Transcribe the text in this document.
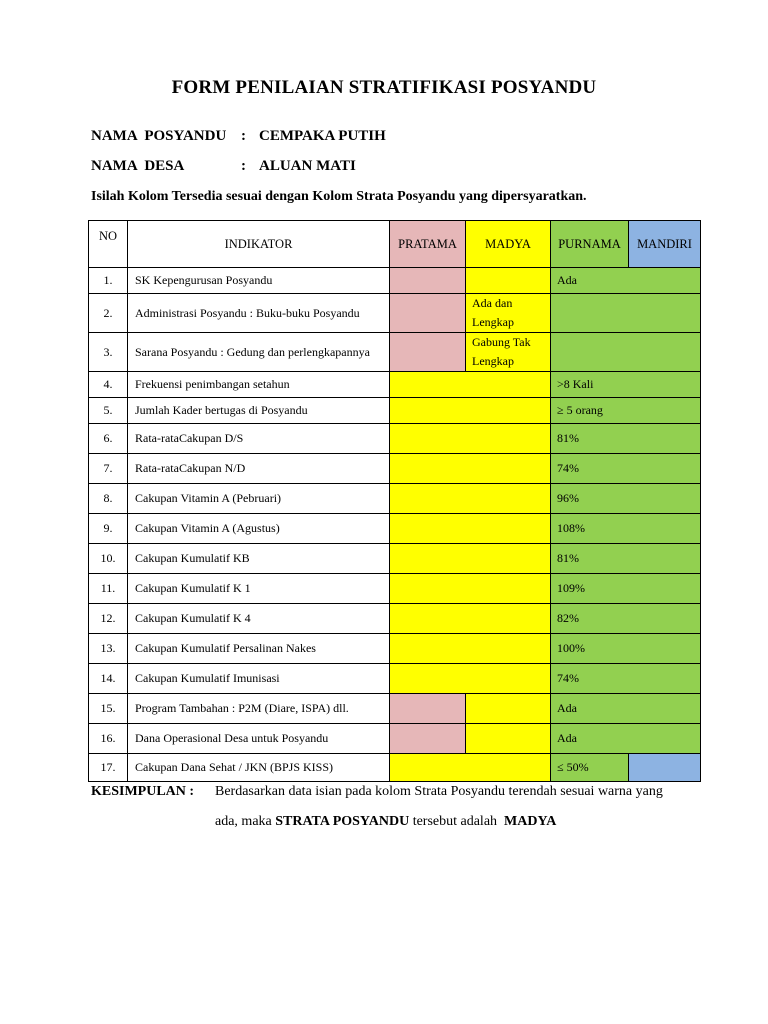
FORM PENILAIAN STRATIFIKASI POSYANDU
NAMA  POSYANDU : CEMPAKA PUTIH
NAMA  DESA	: ALUAN MATI
Isilah Kolom Tersedia sesuai dengan Kolom Strata Posyandu yang dipersyaratkan.
NO	INDIKATOR	PRATAMA	MADYA	PURNAMA	MANDIRI
1.	SK Kepengurusan Posyandu			Ada	
2.	Administrasi Posyandu : Buku-buku Posyandu		Ada dan Lengkap		
3.	Sarana Posyandu : Gedung dan perlengkapannya		Gabung Tak Lengkap		
4.	Frekuensi penimbangan setahun			>8 Kali	
5.	Jumlah Kader bertugas di Posyandu			≥ 5 orang	
6.	Rata-rataCakupan D/S			81%	
7.	Rata-rataCakupan N/D			74%	
8.	Cakupan Vitamin A (Pebruari)			96%	
9.	Cakupan Vitamin A (Agustus)			108%	
10.	Cakupan Kumulatif KB			81%	
11.	Cakupan Kumulatif K 1			109%	
12.	Cakupan Kumulatif K 4			82%	
13.	Cakupan Kumulatif Persalinan Nakes			100%	
14.	Cakupan Kumulatif Imunisasi			74%	
15.	Program Tambahan : P2M (Diare, ISPA) dll.			Ada	
16.	Dana Operasional Desa untuk Posyandu			Ada	
17.	Cakupan Dana Sehat / JKN (BPJS KISS)			≤ 50%	
KESIMPULAN : Berdasarkan data isian pada kolom Strata Posyandu terendah sesuai warna yang
ada, maka STRATA POSYANDU tersebut adalah MADYA
